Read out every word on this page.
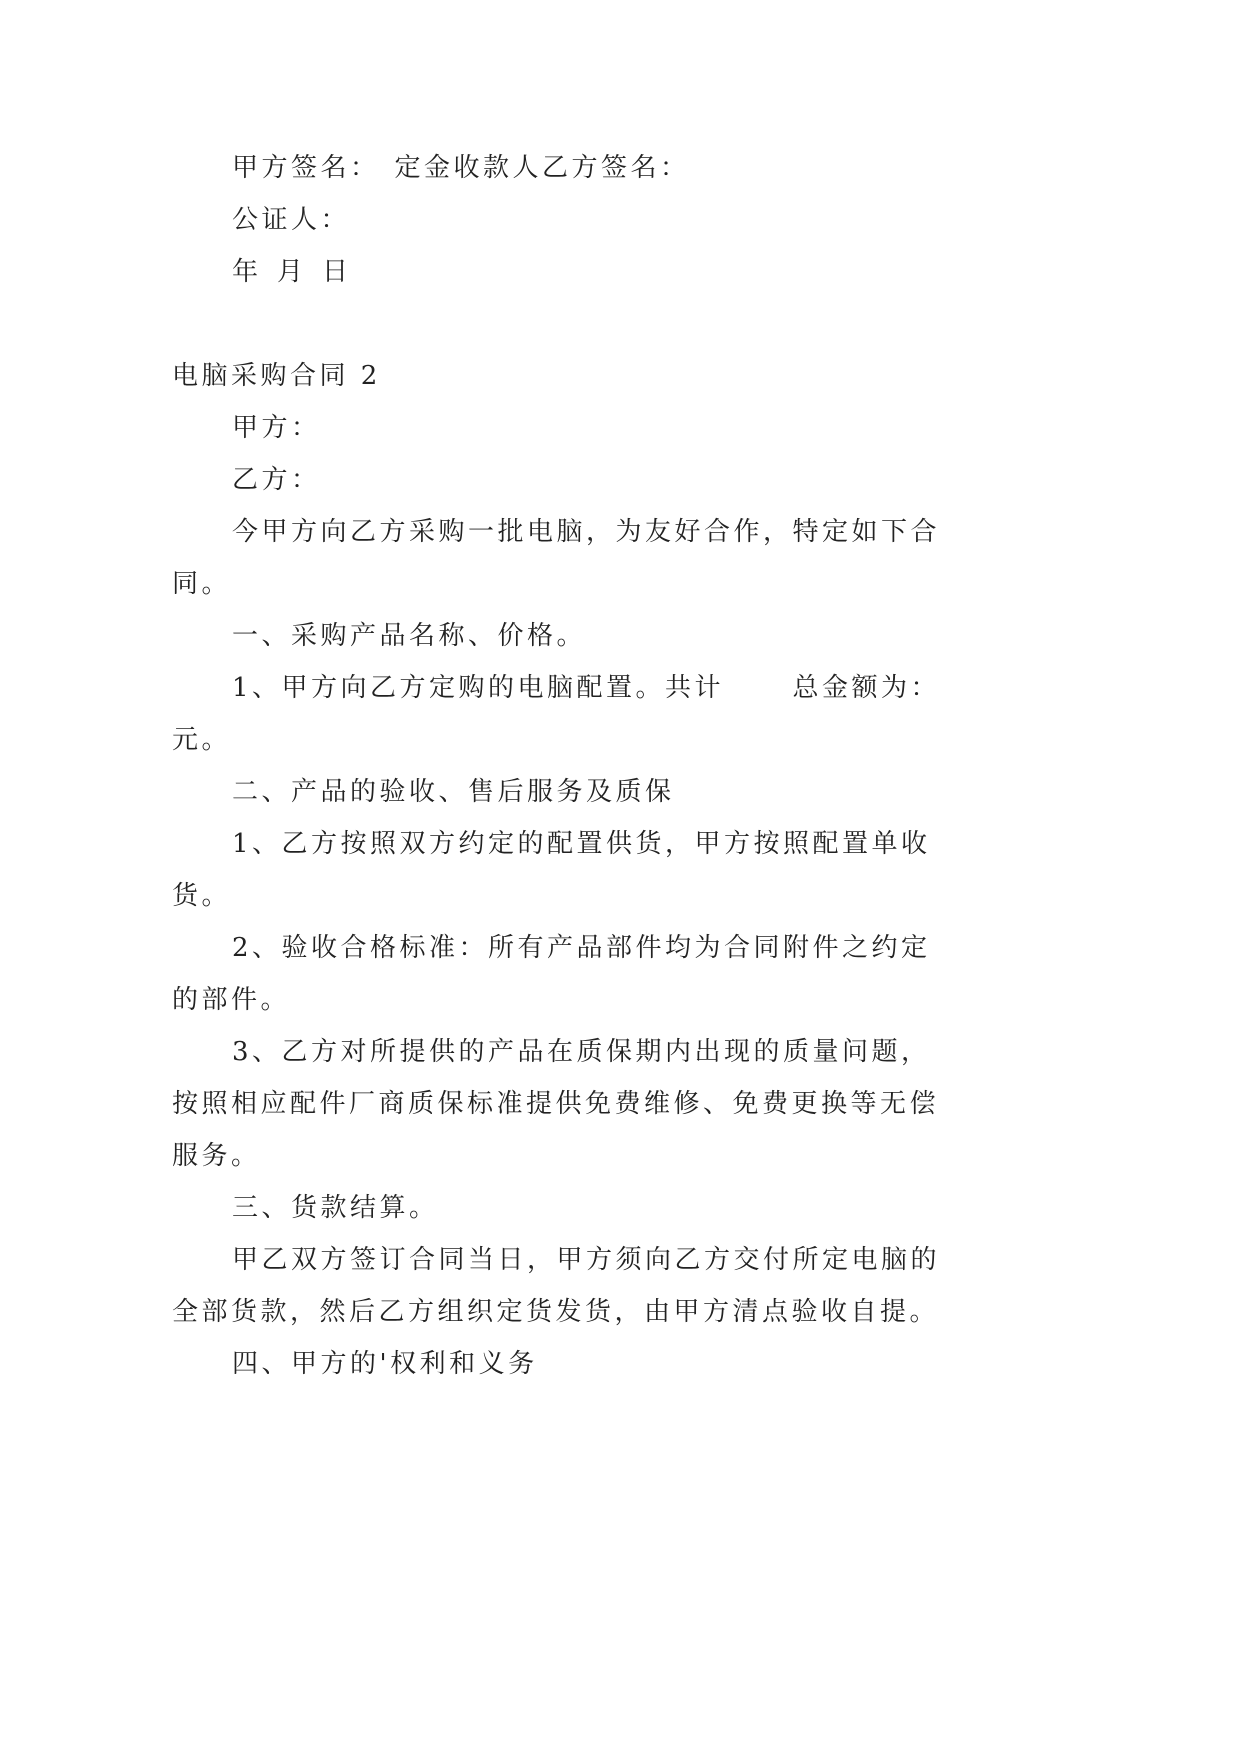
甲方签名： 定金收款人乙方签名：
公证人：
年  月  日
电脑采购合同 2
甲方：
乙方：
今甲方向乙方采购一批电脑，为友好合作，特定如下合
同。
一、采购产品名称、价格。
1、甲方向乙方定购的电脑配置。共计	总金额为：
元。
二、产品的验收、售后服务及质保
1、乙方按照双方约定的配置供货，甲方按照配置单收
货。
2、验收合格标准：所有产品部件均为合同附件之约定
的部件。
3、乙方对所提供的产品在质保期内出现的质量问题，
按照相应配件厂商质保标准提供免费维修、免费更换等无偿
服务。
三、货款结算。
甲乙双方签订合同当日，甲方须向乙方交付所定电脑的
全部货款，然后乙方组织定货发货，由甲方清点验收自提。
四、甲方的'权利和义务
